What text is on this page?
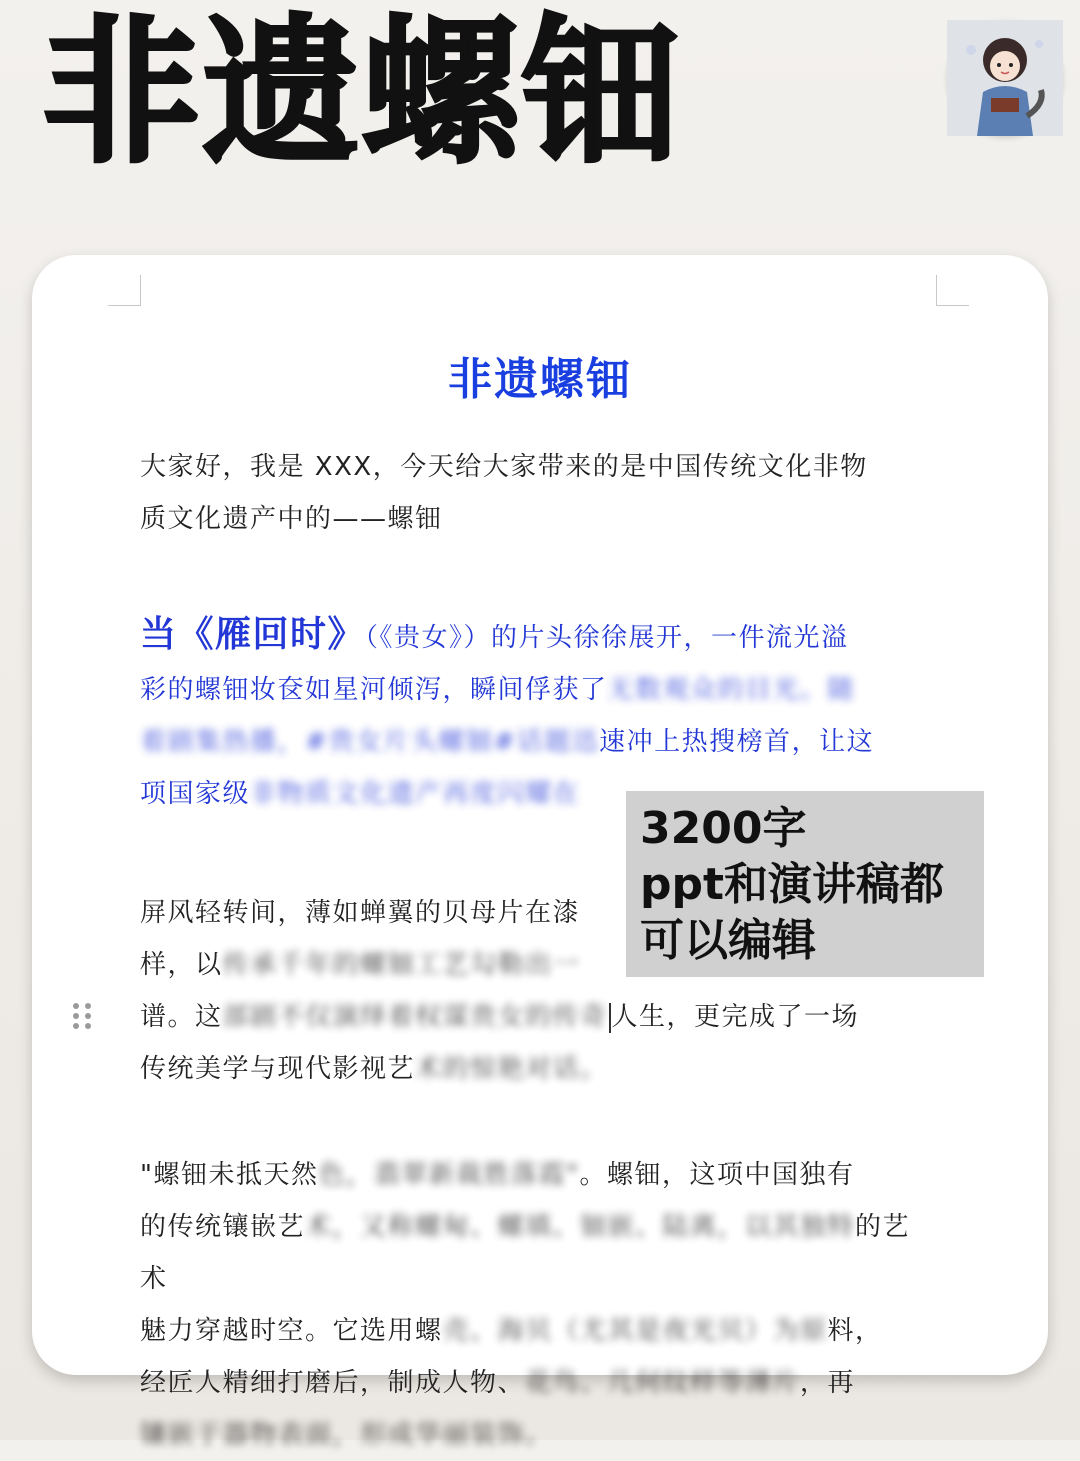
非遗螺钿
非遗螺钿

大家好，我是 XXX，今天给大家带来的是中国传统文化非物
质文化遗产中的——螺钿

当《雁回时》（《贵女》）的片头徐徐展开，一件流光溢
彩的螺钿妆奁如星河倾泻，瞬间俘获了无数观众的目光。随
着剧集热播，#贵女片头螺钿#话题迅速冲上热搜榜首，让这
项国家级非物质文化遗产再度闪耀在

屏风轻转间，薄如蝉翼的贝母片在漆
样，以传承千年的螺钿工艺勾勒出一
谱。这部剧不仅演绎着权谋贵女的传奇 人生，更完成了一场
传统美学与现代影视艺术的惊艳对话。

"螺钿未抵天然色，翡翠新裁胜落霞"。螺钿，这项中国独有
的传统镶嵌艺术，又称螺甸、螺填、钿嵌、陆离，以其独特的艺术
魅力穿越时空。它选用螺壳、海贝（尤其是夜光贝）为原料，
经匠人精细打磨后，制成人物、花鸟、几何纹样等薄片，再
镶嵌于器物表面，形成华丽装饰。

3200字
ppt和演讲稿都
可以编辑
